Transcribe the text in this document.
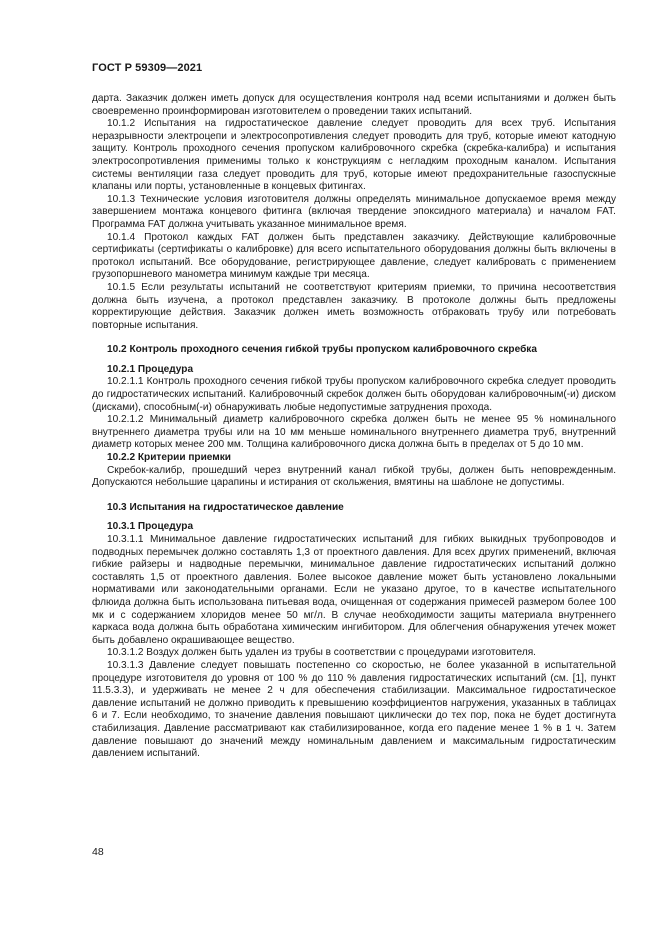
ГОСТ Р 59309—2021

дарта. Заказчик должен иметь допуск для осуществления контроля над всеми испытаниями и должен быть своевременно проинформирован изготовителем о проведении таких испытаний.

10.1.2 Испытания на гидростатическое давление следует проводить для всех труб. Испытания неразрывности электроцепи и электросопротивления следует проводить для труб, которые имеют катодную защиту. Контроль проходного сечения пропуском калибровочного скребка (скребка-калибра) и испытания электросопротивления применимы только к конструкциям с негладким проходным каналом. Испытания системы вентиляции газа следует проводить для труб, которые имеют предохранительные газоспускные клапаны или порты, установленные в концевых фитингах.

10.1.3 Технические условия изготовителя должны определять минимальное допускаемое время между завершением монтажа концевого фитинга (включая твердение эпоксидного материала) и началом FAT. Программа FAT должна учитывать указанное минимальное время.

10.1.4 Протокол каждых FAT должен быть представлен заказчику. Действующие калибровочные сертификаты (сертификаты о калибровке) для всего испытательного оборудования должны быть включены в протокол испытаний. Все оборудование, регистрирующее давление, следует калибровать с применением грузопоршневого манометра минимум каждые три месяца.

10.1.5 Если результаты испытаний не соответствуют критериям приемки, то причина несоответствия должна быть изучена, а протокол представлен заказчику. В протоколе должны быть предложены корректирующие действия. Заказчик должен иметь возможность отбраковать трубу или потребовать повторные испытания.

10.2 Контроль проходного сечения гибкой трубы пропуском калибровочного скребка
10.2.1 Процедура

10.2.1.1 Контроль проходного сечения гибкой трубы пропуском калибровочного скребка следует проводить до гидростатических испытаний. Калибровочный скребок должен быть оборудован калибровочным(-и) диском (дисками), способным(-и) обнаруживать любые недопустимые затруднения прохода.

10.2.1.2 Минимальный диаметр калибровочного скребка должен быть не менее 95 % номинального внутреннего диаметра трубы или на 10 мм меньше номинального внутреннего диаметра труб, внутренний диаметр которых менее 200 мм. Толщина калибровочного диска должна быть в пределах от 5 до 10 мм.

10.2.2 Критерии приемки

Скребок-калибр, прошедший через внутренний канал гибкой трубы, должен быть неповрежденным. Допускаются небольшие царапины и истирания от скольжения, вмятины на шаблоне не допустимы.

10.3 Испытания на гидростатическое давление
10.3.1 Процедура

10.3.1.1 Минимальное давление гидростатических испытаний для гибких выкидных трубопроводов и подводных перемычек должно составлять 1,3 от проектного давления. Для всех других применений, включая гибкие райзеры и надводные перемычки, минимальное давление гидростатических испытаний должно составлять 1,5 от проектного давления. Более высокое давление может быть установлено локальными нормативами или законодательными органами. Если не указано другое, то в качестве испытательного флюида должна быть использована питьевая вода, очищенная от содержания примесей размером более 100 мк и с содержанием хлоридов менее 50 мг/л. В случае необходимости защиты материала внутреннего каркаса вода должна быть обработана химическим ингибитором. Для облегчения обнаружения утечек может быть добавлено окрашивающее вещество.

10.3.1.2 Воздух должен быть удален из трубы в соответствии с процедурами изготовителя.

10.3.1.3 Давление следует повышать постепенно со скоростью, не более указанной в испытательной процедуре изготовителя до уровня от 100 % до 110 % давления гидростатических испытаний (см. [1], пункт 11.5.3.3), и удерживать не менее 2 ч для обеспечения стабилизации. Максимальное гидростатическое давление испытаний не должно приводить к превышению коэффициентов нагружения, указанных в таблицах 6 и 7. Если необходимо, то значение давления повышают циклически до тех пор, пока не будет достигнута стабилизация. Давление рассматривают как стабилизированное, когда его падение менее 1 % в 1 ч. Затем давление повышают до значений между номинальным давлением и максимальным гидростатическим давлением испытаний.

48
